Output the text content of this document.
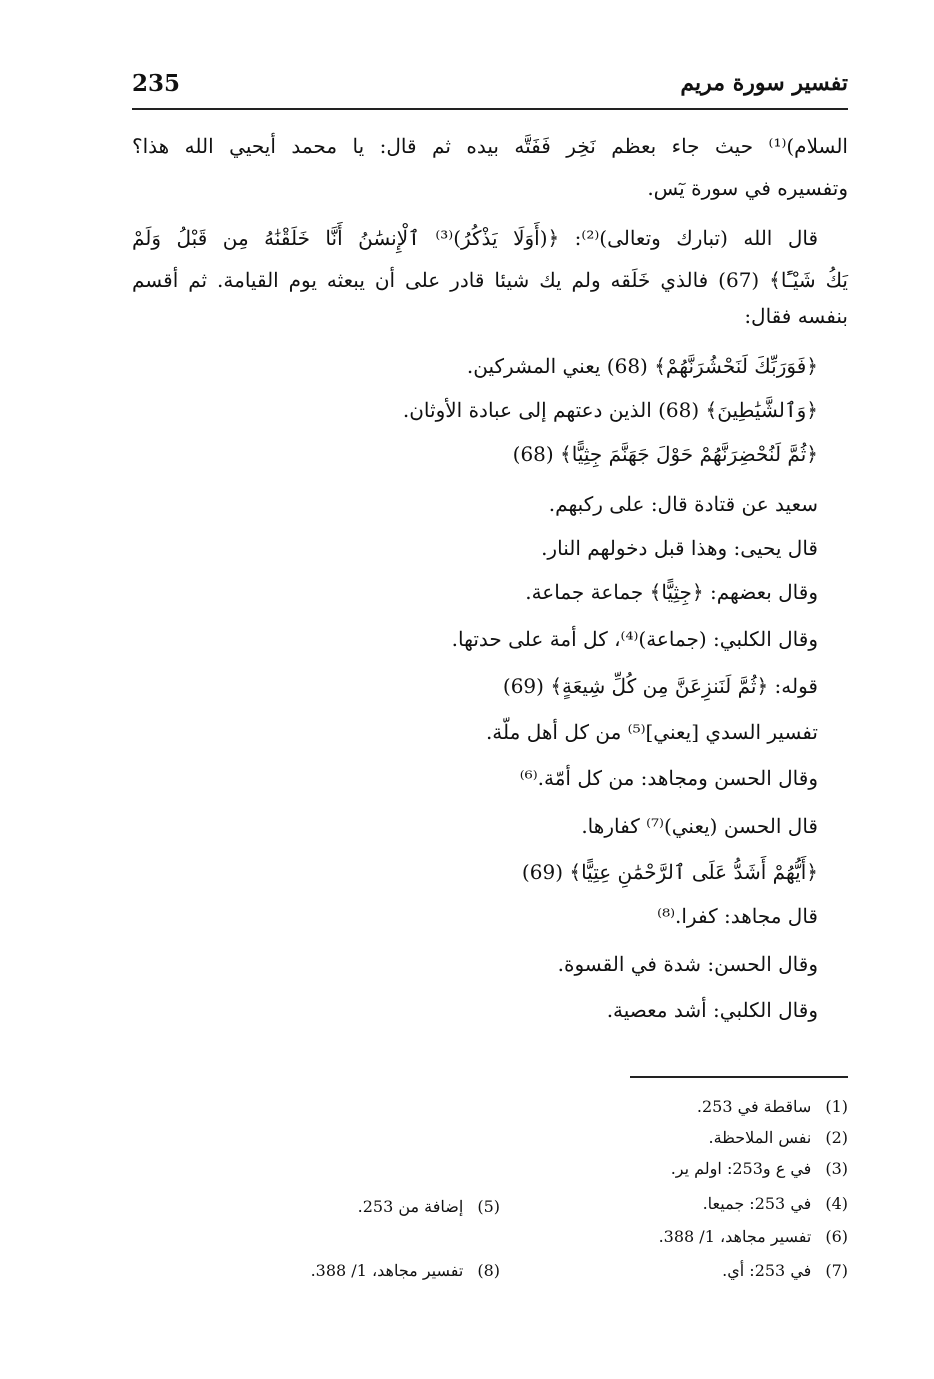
تفسير سورة مريم
235
السلام)⁽¹⁾ حيث جاء بعظم نَخِر فَفَتَّه بيده ثم قال: يا محمد أيحيي الله هذا؟
وتفسيره في سورة يٓس.
قال الله (تبارك وتعالى)⁽²⁾: ﴿(أَوَلَا يَذْكُرُ)⁽³⁾ ٱلْإِنسَٰنُ أَنَّا خَلَقْنَٰهُ مِن قَبْلُ وَلَمْ
يَكُ شَيْـًٔا﴾ (67) فالذي خَلَقه ولم يك شيئا قادر على أن يبعثه يوم القيامة. ثم أقسم
بنفسه فقال:
﴿فَوَرَبِّكَ لَنَحْشُرَنَّهُمْ﴾ (68) يعني المشركين.
﴿وَٱلشَّيَٰطِينَ﴾ (68) الذين دعتهم إلى عبادة الأوثان.
﴿ثُمَّ لَنُحْضِرَنَّهُمْ حَوْلَ جَهَنَّمَ جِثِيًّا﴾ (68)
سعيد عن قتادة قال: على ركبهم.
قال يحيى: وهذا قبل دخولهم النار.
وقال بعضهم: ﴿جِثِيًّا﴾ جماعة جماعة.
وقال الكلبي: (جماعة)⁽⁴⁾، كل أمة على حدتها.
قوله: ﴿ثُمَّ لَنَنزِعَنَّ مِن كُلِّ شِيعَةٍ﴾ (69)
تفسير السدي [يعني]⁽⁵⁾ من كل أهل ملّة.
وقال الحسن ومجاهد: من كل أمّة.⁽⁶⁾
قال الحسن (يعني)⁽⁷⁾ كفارها.
﴿أَيُّهُمْ أَشَدُّ عَلَى ٱلرَّحْمَٰنِ عِتِيًّا﴾ (69)
قال مجاهد: كفرا.⁽⁸⁾
وقال الحسن: شدة في القسوة.
وقال الكلبي: أشد معصية.
(1)ساقطة في 253.
(2)نفس الملاحظة.
(3)في ع و253: اولم ير.
(4)في 253: جميعا.
(5)إضافة من 253.
(6)تفسير مجاهد، 1/ 388.
(7)في 253: أي.
(8)تفسير مجاهد، 1/ 388.
